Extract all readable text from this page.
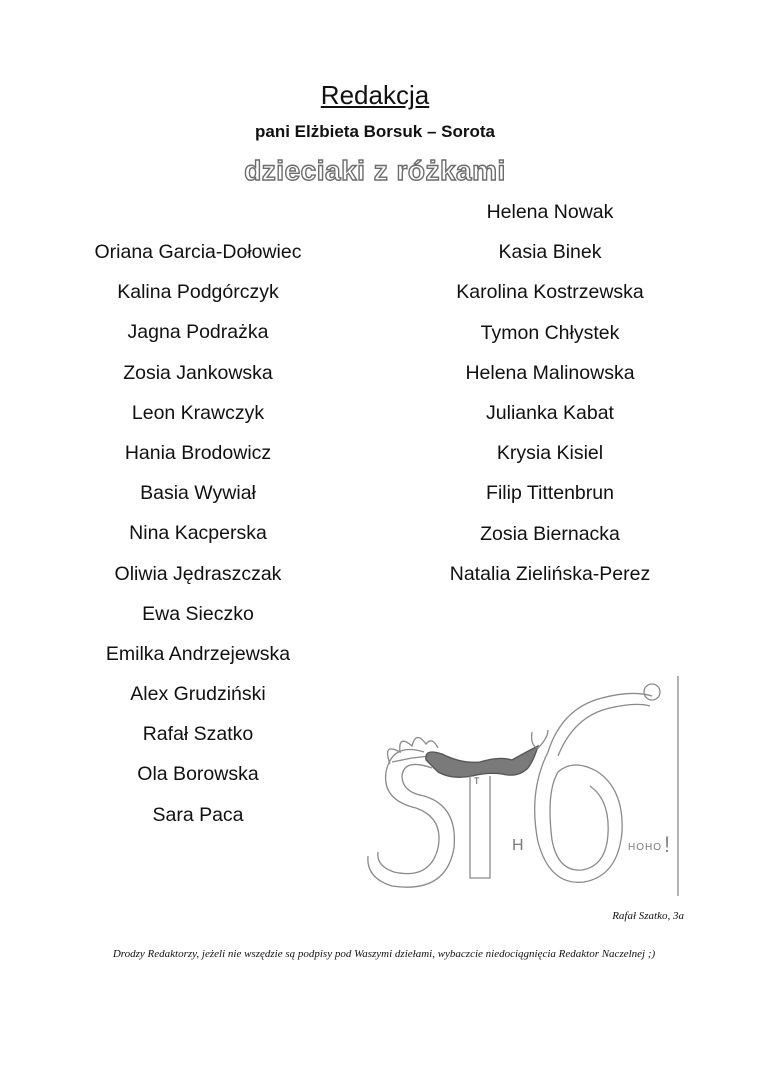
Redakcja
pani Elżbieta Borsuk – Sorota
dzieciaki z różkami
Oriana Garcia-Dołowiec
Kalina Podgórczyk
Jagna Podrażka
Zosia Jankowska
Leon Krawczyk
Hania Brodowicz
Basia Wywiał
Nina Kacperska
Oliwia Jędraszczak
Ewa Sieczko
Emilka Andrzejewska
Alex Grudziński
Rafał Szatko
Ola Borowska
Sara Paca
Helena Nowak
Kasia Binek
Karolina Kostrzewska
Tymon Chłystek
Helena Malinowska
Julianka Kabat
Krysia Kisiel
Filip Tittenbrun
Zosia Biernacka
Natalia Zielińska-Perez
T
H	HOHO !
Rafał Szatko, 3a
Drodzy Redaktorzy, jeżeli nie wszędzie są podpisy pod Waszymi dziełami, wybaczcie niedociągnięcia Redaktor Naczelnej ;)
